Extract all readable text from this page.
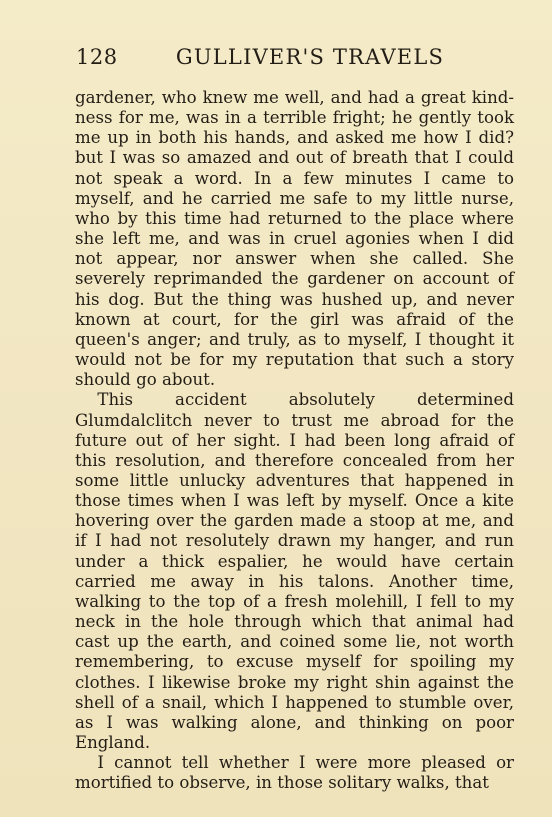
128	GULLIVER'S TRAVELS

gardener, who knew me well, and had a great kindness for me, was in a terrible fright; he gently took me up in both his hands, and asked me how I did? but I was so amazed and out of breath that I could not speak a word. In a few minutes I came to myself, and he carried me safe to my little nurse, who by this time had returned to the place where she left me, and was in cruel agonies when I did not appear, nor answer when she called. She severely reprimanded the gardener on account of his dog. But the thing was hushed up, and never known at court, for the girl was afraid of the queen's anger; and truly, as to myself, I thought it would not be for my reputation that such a story should go about.

This accident absolutely determined Glumdalclitch never to trust me abroad for the future out of her sight. I had been long afraid of this resolution, and therefore concealed from her some little unlucky adventures that happened in those times when I was left by myself. Once a kite hovering over the garden made a stoop at me, and if I had not resolutely drawn my hanger, and run under a thick espalier, he would have certain carried me away in his talons. Another time, walking to the top of a fresh molehill, I fell to my neck in the hole through which that animal had cast up the earth, and coined some lie, not worth remembering, to excuse myself for spoiling my clothes. I likewise broke my right shin against the shell of a snail, which I happened to stumble over, as I was walking alone, and thinking on poor England.

I cannot tell whether I were more pleased or mortified to observe, in those solitary walks, that
